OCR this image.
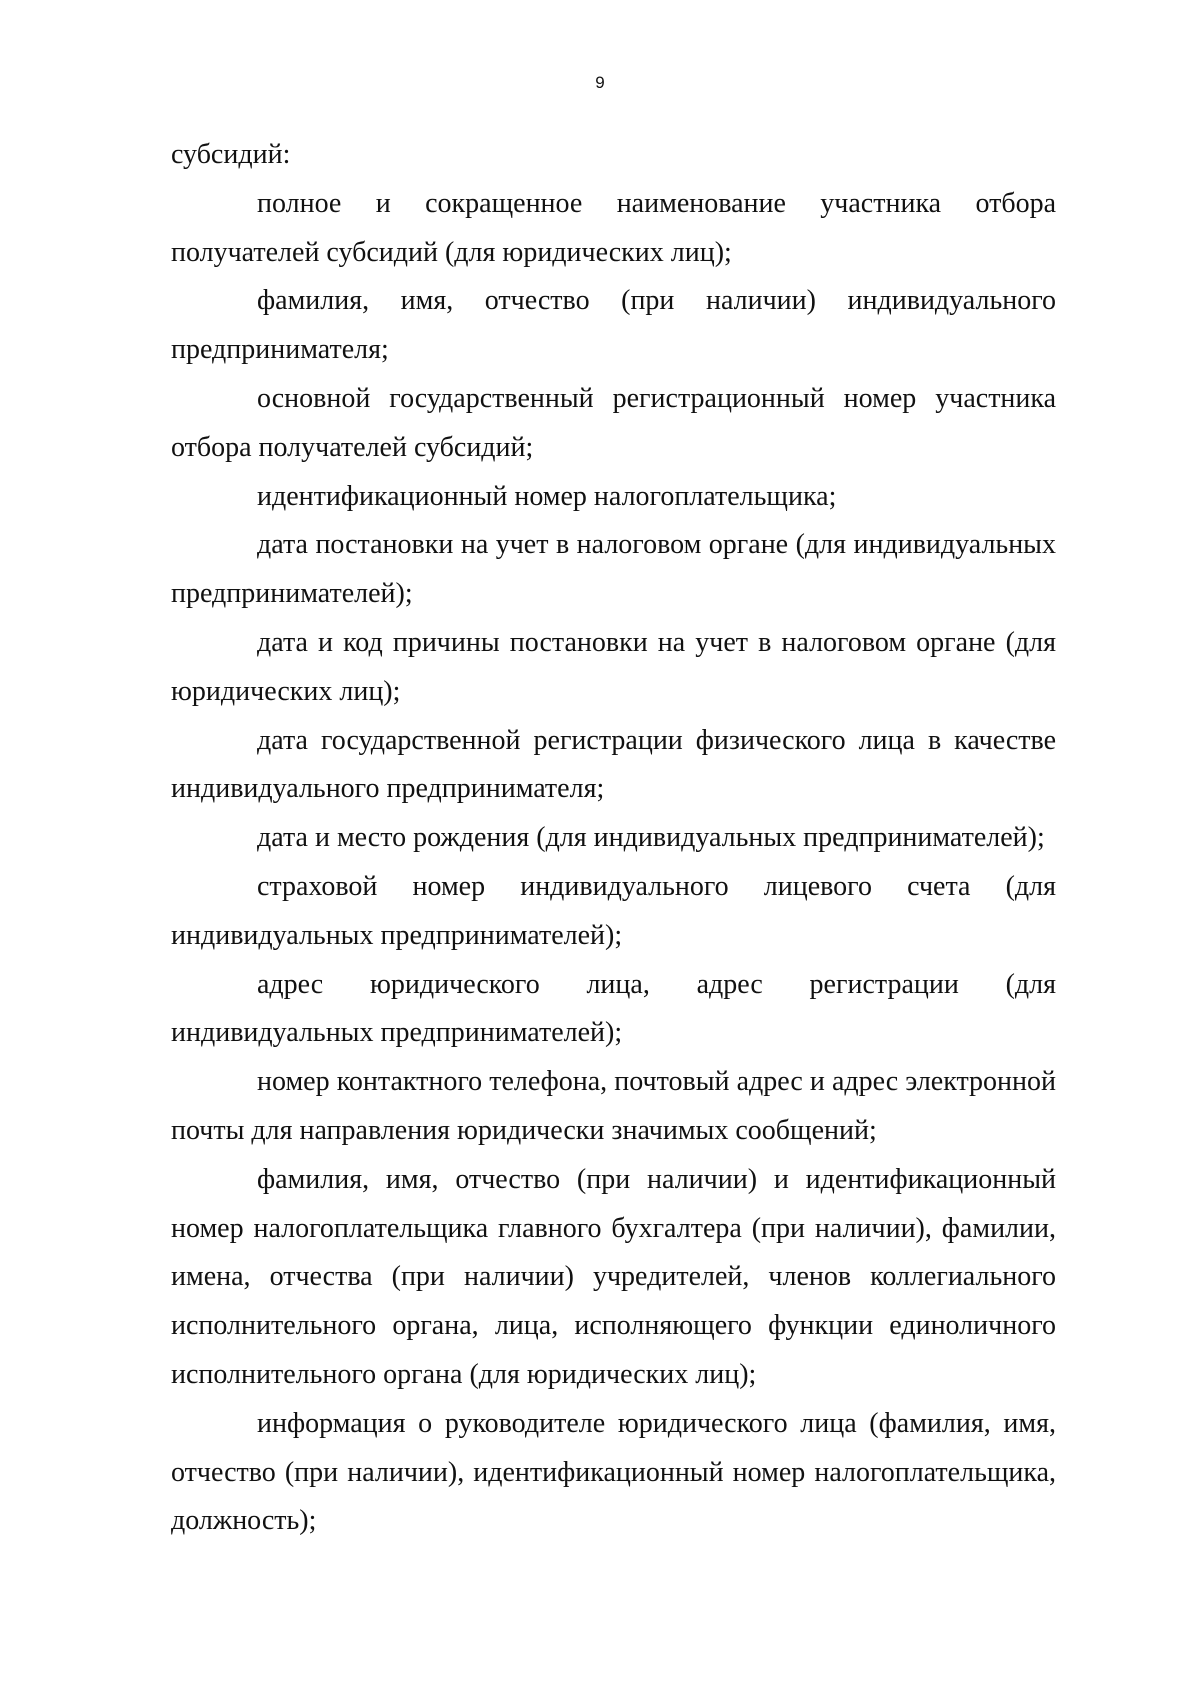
9

субсидий:

полное и сокращенное наименование участника отбора получателей субсидий (для юридических лиц);

фамилия, имя, отчество (при наличии) индивидуального предпринимателя;

основной государственный регистрационный номер участника отбора получателей субсидий;

идентификационный номер налогоплательщика;

дата постановки на учет в налоговом органе (для индивидуальных предпринимателей);

дата и код причины постановки на учет в налоговом органе (для юридических лиц);

дата государственной регистрации физического лица в качестве индивидуального предпринимателя;

дата и место рождения (для индивидуальных предпринимателей);

страховой номер индивидуального лицевого счета (для индивидуальных предпринимателей);

адрес юридического лица, адрес регистрации (для индивидуальных предпринимателей);

номер контактного телефона, почтовый адрес и адрес электронной почты для направления юридически значимых сообщений;

фамилия, имя, отчество (при наличии) и идентификационный номер налогоплательщика главного бухгалтера (при наличии), фамилии, имена, отчества (при наличии) учредителей, членов коллегиального исполнительного органа, лица, исполняющего функции единоличного исполнительного органа (для юридических лиц);

информация о руководителе юридического лица (фамилия, имя, отчество (при наличии), идентификационный номер налогоплательщика, должность);
